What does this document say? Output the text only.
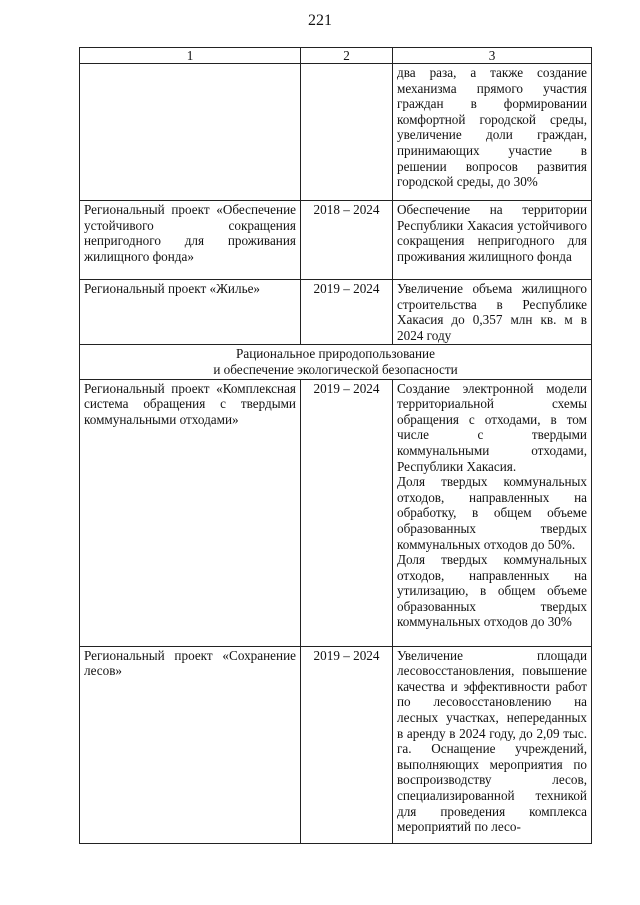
221
1	2	3

		два раза, а также создание механизма прямого участия граждан в формировании комфортной городской среды, увеличение доли граждан, принимающих участие в решении вопросов развития городской среды, до 30%

Региональный проект «Обеспечение устойчивого сокращения непригодного для проживания жилищного фонда»	2018 – 2024	Обеспечение на территории Республики Хакасия устойчивого сокращения непригодного для проживания жилищного фонда

Региональный проект «Жилье»	2019 – 2024	Увеличение объема жилищного строительства в Республике Хакасия до 0,357 млн кв. м в 2024 году

Рациональное природопользование
и обеспечение экологической безопасности		

Региональный проект «Комплексная система обращения с твердыми коммунальными отходами»	2019 – 2024	Создание электронной модели территориальной схемы обращения с отходами, в том числе с твердыми коммунальными отходами, Республики Хакасия.

Доля твердых коммунальных отходов, направленных на обработку, в общем объеме образованных твердых коммунальных отходов до 50%.

Доля твердых коммунальных отходов, направленных на утилизацию, в общем объеме образованных твердых коммунальных отходов до 30%

Региональный проект «Сохранение лесов»	2019 – 2024	Увеличение площади лесовосстановления, повышение качества и эффективности работ по лесовосстановлению на лесных участках, непереданных в аренду в 2024 году, до 2,09 тыс. га. Оснащение учреждений, выполняющих мероприятия по воспроизводству лесов, специализированной техникой для проведения комплекса мероприятий по лесо-
